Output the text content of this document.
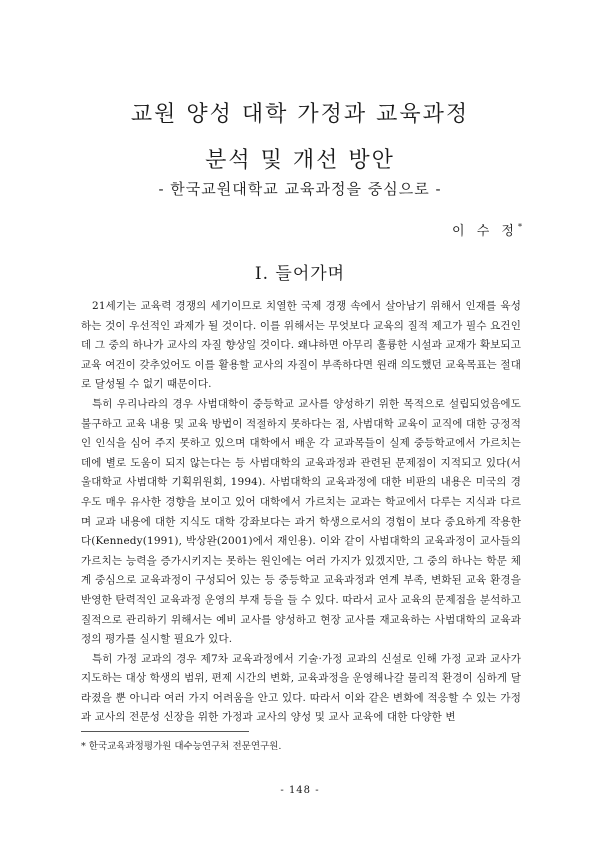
교원 양성 대학 가정과 교육과정
분석 및 개선 방안
- 한국교원대학교 교육과정을 중심으로 -
이 수 정*
I. 들어가며

21세기는 교육력 경쟁의 세기이므로 치열한 국제 경쟁 속에서 살아남기 위해서 인재를 육성하는 것이 우선적인 과제가 될 것이다. 이를 위해서는 무엇보다 교육의 질적 제고가 필수 요건인데 그 중의 하나가 교사의 자질 향상일 것이다. 왜냐하면 아무리 훌륭한 시설과 교재가 확보되고 교육 여건이 갖추었어도 이를 활용할 교사의 자질이 부족하다면 원래 의도했던 교육목표는 절대로 달성될 수 없기 때문이다.

특히 우리나라의 경우 사범대학이 중등학교 교사를 양성하기 위한 목적으로 설립되었음에도 불구하고 교육 내용 및 교육 방법이 적절하지 못하다는 점, 사범대학 교육이 교직에 대한 긍정적인 인식을 심어 주지 못하고 있으며 대학에서 배운 각 교과목들이 실제 중등학교에서 가르치는 데에 별로 도움이 되지 않는다는 등 사범대학의 교육과정과 관련된 문제점이 지적되고 있다(서울대학교 사범대학 기획위원회, 1994). 사범대학의 교육과정에 대한 비판의 내용은 미국의 경우도 매우 유사한 경향을 보이고 있어 대학에서 가르치는 교과는 학교에서 다루는 지식과 다르며 교과 내용에 대한 지식도 대학 강좌보다는 과거 학생으로서의 경험이 보다 중요하게 작용한다(Kennedy(1991), 박상완(2001)에서 재인용). 이와 같이 사범대학의 교육과정이 교사들의 가르치는 능력을 증가시키지는 못하는 원인에는 여러 가지가 있겠지만, 그 중의 하나는 학문 체계 중심으로 교육과정이 구성되어 있는 등 중등학교 교육과정과 연계 부족, 변화된 교육 환경을 반영한 탄력적인 교육과정 운영의 부재 등을 들 수 있다. 따라서 교사 교육의 문제점을 분석하고 질적으로 관리하기 위해서는 예비 교사를 양성하고 현장 교사를 재교육하는 사범대학의 교육과정의 평가를 실시할 필요가 있다.

특히 가정 교과의 경우 제7차 교육과정에서 기술·가정 교과의 신설로 인해 가정 교과 교사가 지도하는 대상 학생의 범위, 편제 시간의 변화, 교육과정을 운영해나갈 물리적 환경이 심하게 달라졌을 뿐 아니라 여러 가지 어려움을 안고 있다. 따라서 이와 같은 변화에 적응할 수 있는 가정과 교사의 전문성 신장을 위한 가정과 교사의 양성 및 교사 교육에 대한 다양한 변

* 한국교육과정평가원 대수능연구처 전문연구원.
- 148 -
